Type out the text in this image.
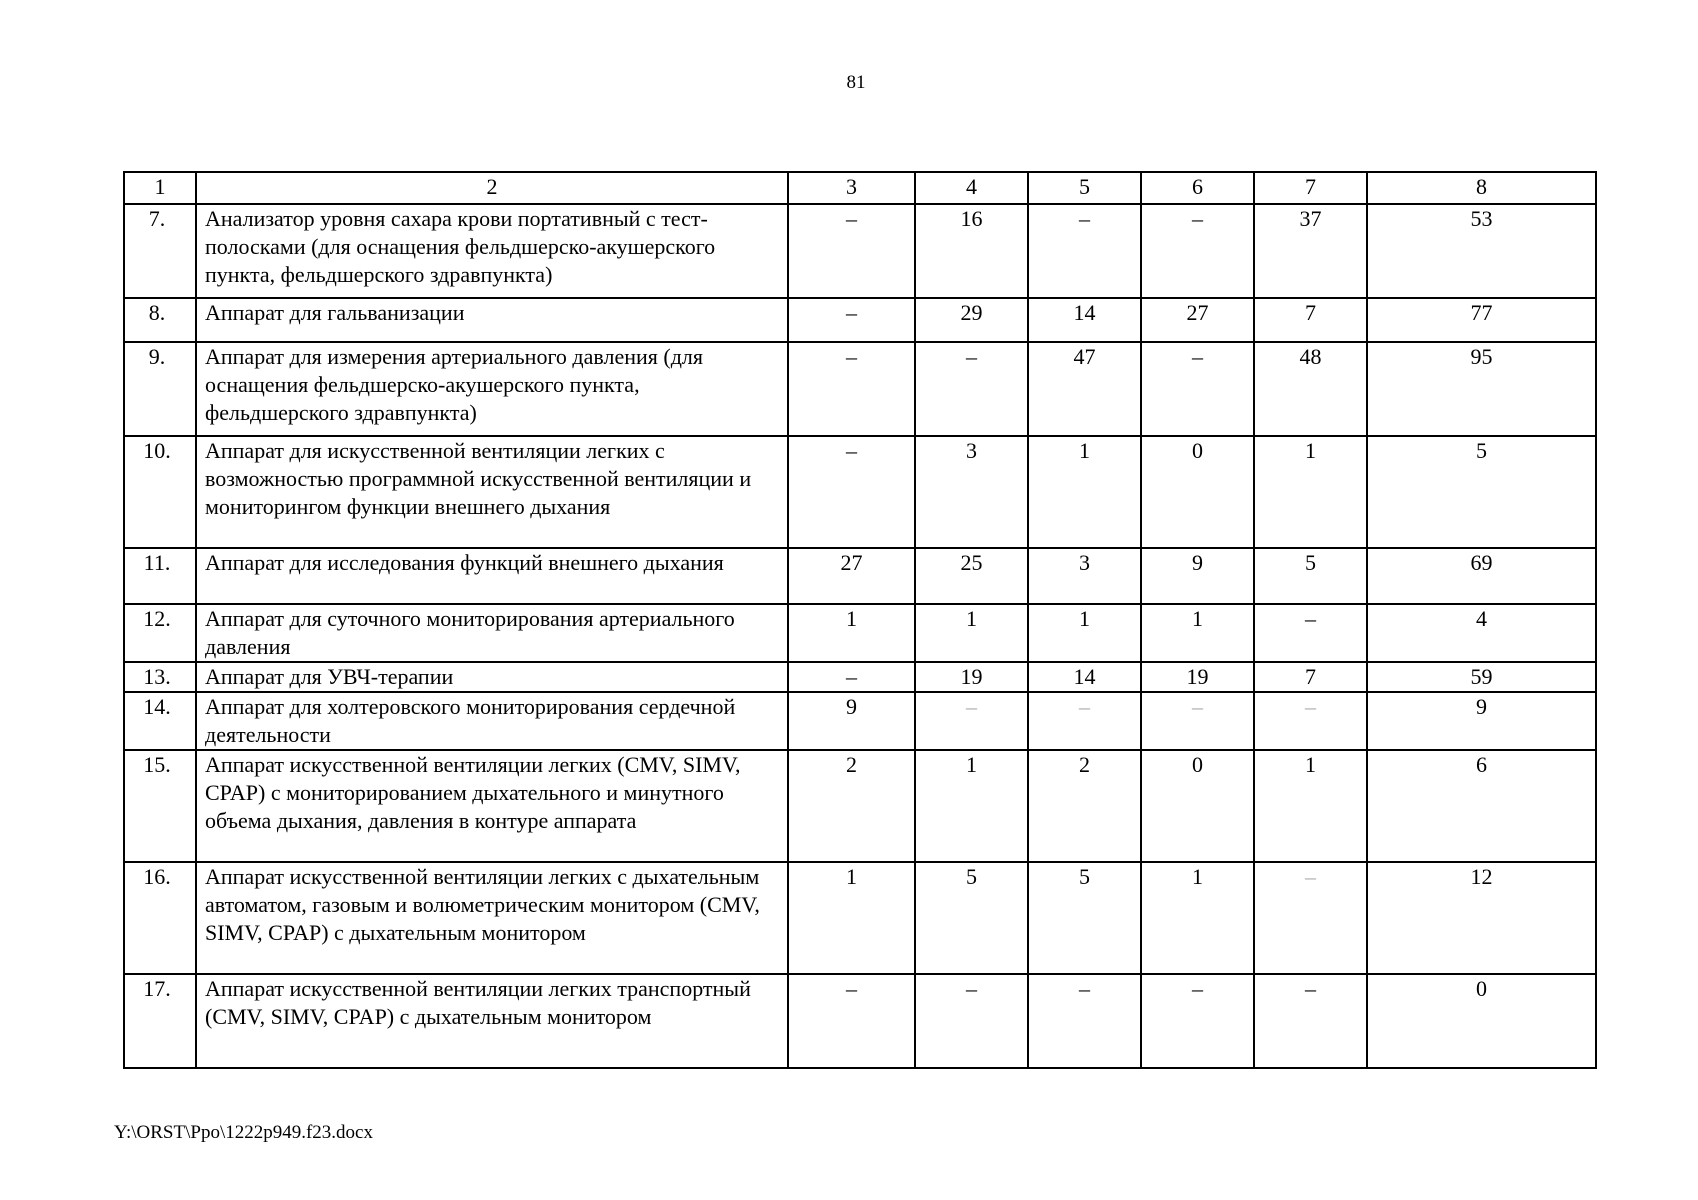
81
1	2	3	4	5	6	7	8
7.	Анализатор уровня сахара крови портативный с тест-полосками (для оснащения фельдшерско-акушерского пункта, фельдшерского здравпункта)	–	16	–	–	37	53
8.	Аппарат для гальванизации	–	29	14	27	7	77
9.	Аппарат для измерения артериального давления (для оснащения фельдшерско-акушерского пункта, фельдшерского здравпункта)	–	–	47	–	48	95
10.	Аппарат для искусственной вентиляции легких с возможностью программной искусственной вентиляции и мониторингом функции внешнего дыхания	–	3	1	0	1	5
11.	Аппарат для исследования функций внешнего дыхания	27	25	3	9	5	69
12.	Аппарат для суточного мониторирования артериального давления	1	1	1	1	–	4
13.	Аппарат для УВЧ-терапии	–	19	14	19	7	59
14.	Аппарат для холтеровского мониторирования сердечной деятельности	9	–	–	–	–	9
15.	Аппарат искусственной вентиляции легких (CMV, SIMV, CPAP) с мониторированием дыхательного и минутного объема дыхания, давления в контуре аппарата	2	1	2	0	1	6
16.	Аппарат искусственной вентиляции легких с дыхательным автоматом, газовым и волюметрическим монитором (CMV, SIMV, CPAP) с дыхательным монитором	1	5	5	1	–	12
17.	Аппарат искусственной вентиляции легких транспортный (CMV, SIMV, CPAP) с дыхательным монитором	–	–	–	–	–	0
Y:\ORST\Ppo\1222p949.f23.docx
